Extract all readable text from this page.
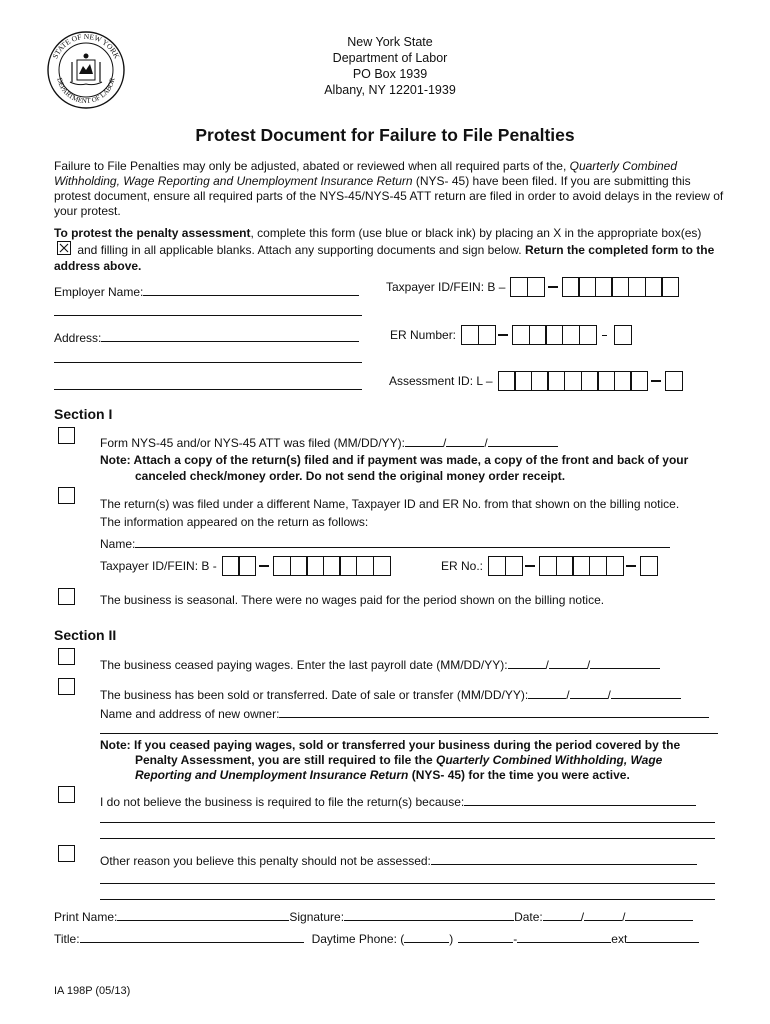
STATE OF NEW YORK
DEPARTMENT OF LABOR
New York State
Department of Labor
PO Box 1939
Albany, NY 12201-1939
Protest Document for Failure to File Penalties
Failure to File Penalties may only be adjusted, abated or reviewed when all required parts of the, Quarterly Combined Withholding, Wage Reporting and Unemployment Insurance Return (NYS- 45) have been filed. If you are submitting this protest document, ensure all required parts of the NYS-45/NYS-45 ATT return are filed in order to avoid delays in the review of your protest.
To protest the penalty assessment, complete this form (use blue or black ink) by placing an X in the appropriate box(es)
and filling in all applicable blanks. Attach any supporting documents and sign below. Return the completed form to the address above.
Employer Name:
Address:
Taxpayer ID/FEIN: B –
ER Number:
Assessment ID: L –
Section I
Form NYS-45 and/or NYS-45 ATT was filed (MM/DD/YY):	/	/
Note: Attach a copy of the return(s) filed and if payment was made, a copy of the front and back of your
canceled check/money order. Do not send the original money order receipt.
The return(s) was filed under a different Name, Taxpayer ID and ER No. from that shown on the billing notice.
The information appeared on the return as follows:
Name:
Taxpayer ID/FEIN: B -	ER No.:
The business is seasonal. There were no wages paid for the period shown on the billing notice.
Section II
The business ceased paying wages. Enter the last payroll date (MM/DD/YY):	/	/
The business has been sold or transferred. Date of sale or transfer (MM/DD/YY):	/	/
Name and address of new owner:
Note: If you ceased paying wages, sold or transferred your business during the period covered by the
Penalty Assessment, you are still required to file the Quarterly Combined Withholding, Wage
Reporting and Unemployment Insurance Return (NYS- 45) for the time you were active.
I do not believe the business is required to file the return(s) because:
Other reason you believe this penalty should not be assessed:
Print Name:	Signature:	Date:	/	/
Title:	Daytime Phone: (	)	-	ext
IA 198P (05/13)
